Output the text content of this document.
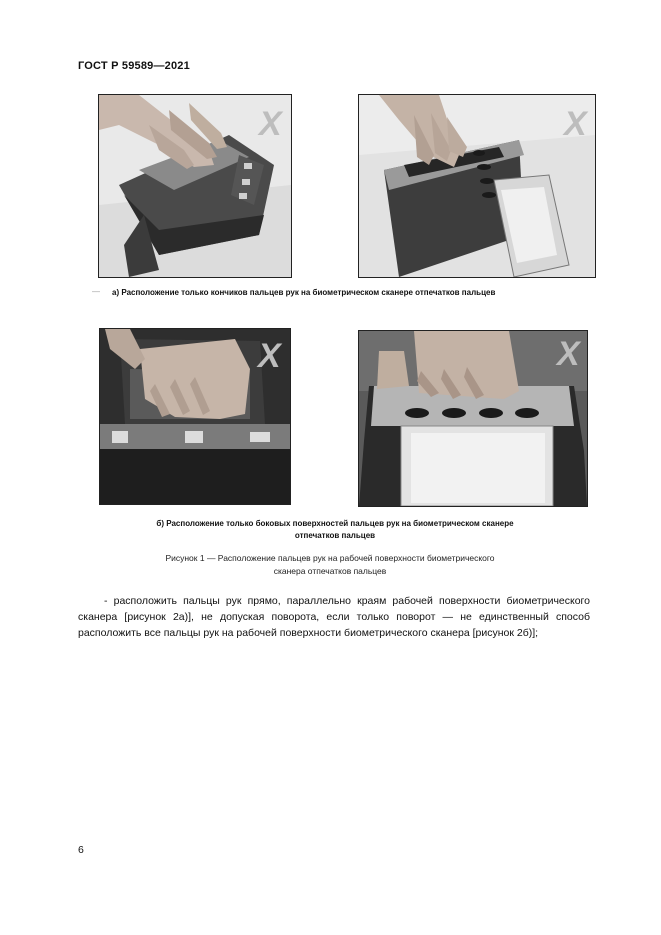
ГОСТ Р 59589—2021
X	X
— а) Расположение только кончиков пальцев рук на биометрическом сканере отпечатков пальцев
X	X
б) Расположение только боковых поверхностей пальцев рук на биометрическом сканере
отпечатков пальцев
Рисунок 1 — Расположение пальцев рук на рабочей поверхности биометрического
сканера отпечатков пальцев
- расположить пальцы рук прямо, параллельно краям рабочей поверхности биометрического сканера [рисунок 2а)], не допуская поворота, если только поворот — не единственный способ расположить все пальцы рук на рабочей поверхности биометрического сканера [рисунок 2б)];
6
